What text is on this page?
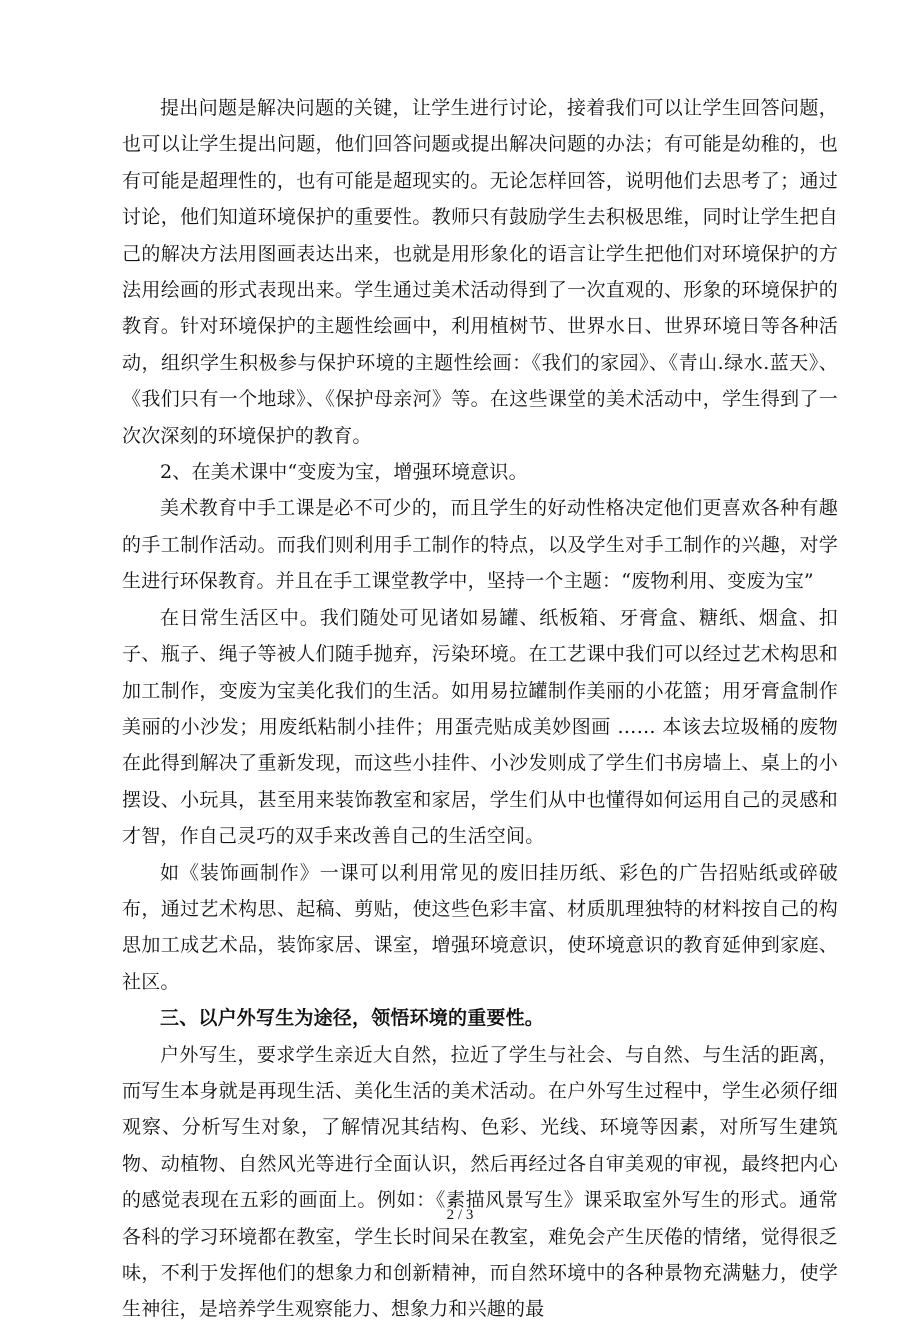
提出问题是解决问题的关键，让学生进行讨论，接着我们可以让学生回答问题，也可以让学生提出问题，他们回答问题或提出解决问题的办法；有可能是幼稚的，也有可能是超理性的，也有可能是超现实的。无论怎样回答，说明他们去思考了；通过讨论，他们知道环境保护的重要性。教师只有鼓励学生去积极思维，同时让学生把自己的解决方法用图画表达出来，也就是用形象化的语言让学生把他们对环境保护的方法用绘画的形式表现出来。学生通过美术活动得到了一次直观的、形象的环境保护的教育。针对环境保护的主题性绘画中，利用植树节、世界水日、世界环境日等各种活动，组织学生积极参与保护环境的主题性绘画：《我们的家园》、《青山.绿水.蓝天》、《我们只有一个地球》、《保护母亲河》等。在这些课堂的美术活动中，学生得到了一次次深刻的环境保护的教育。

2、在美术课中“变废为宝，增强环境意识。

美术教育中手工课是必不可少的，而且学生的好动性格决定他们更喜欢各种有趣的手工制作活动。而我们则利用手工制作的特点，以及学生对手工制作的兴趣，对学生进行环保教育。并且在手工课堂教学中，坚持一个主题：“废物利用、变废为宝”

在日常生活区中。我们随处可见诸如易罐、纸板箱、牙膏盒、糖纸、烟盒、扣子、瓶子、绳子等被人们随手抛弃，污染环境。在工艺课中我们可以经过艺术构思和加工制作，变废为宝美化我们的生活。如用易拉罐制作美丽的小花篮；用牙膏盒制作美丽的小沙发；用废纸粘制小挂件；用蛋壳贴成美妙图画 …… 本该去垃圾桶的废物在此得到解决了重新发现，而这些小挂件、小沙发则成了学生们书房墙上、桌上的小摆设、小玩具，甚至用来装饰教室和家居，学生们从中也懂得如何运用自己的灵感和才智，作自己灵巧的双手来改善自己的生活空间。

如《装饰画制作》一课可以利用常见的废旧挂历纸、彩色的广告招贴纸或碎破布，通过艺术构思、起稿、剪贴，使这些色彩丰富、材质肌理独特的材料按自己的构思加工成艺术品，装饰家居、课室，增强环境意识，使环境意识的教育延伸到家庭、社区。

三、以户外写生为途径，领悟环境的重要性。

户外写生，要求学生亲近大自然，拉近了学生与社会、与自然、与生活的距离，而写生本身就是再现生活、美化生活的美术活动。在户外写生过程中，学生必须仔细观察、分析写生对象，了解情况其结构、色彩、光线、环境等因素，对所写生建筑物、动植物、自然风光等进行全面认识，然后再经过各自审美观的审视，最终把内心的感觉表现在五彩的画面上。例如：《素描风景写生》课采取室外写生的形式。通常各科的学习环境都在教室，学生长时间呆在教室，难免会产生厌倦的情绪，觉得很乏味，不利于发挥他们的想象力和创新精神，而自然环境中的各种景物充满魅力，使学生神往，是培养学生观察能力、想象力和兴趣的最

2 / 3
